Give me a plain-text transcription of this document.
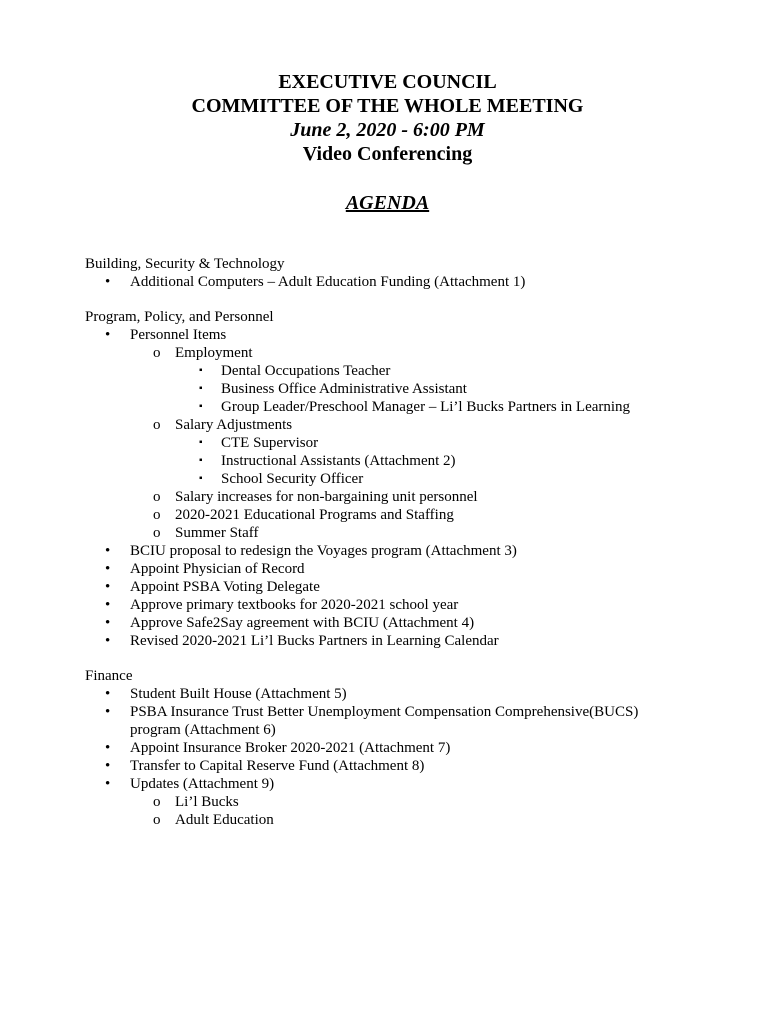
EXECUTIVE COUNCIL
COMMITTEE OF THE WHOLE MEETING
June 2, 2020 - 6:00 PM
Video Conferencing
AGENDA
Building, Security & Technology
• Additional Computers – Adult Education Funding (Attachment 1)
Program, Policy, and Personnel
• Personnel Items
o Employment
▪ Dental Occupations Teacher
▪ Business Office Administrative Assistant
▪ Group Leader/Preschool Manager – Li’l Bucks Partners in Learning
o Salary Adjustments
▪ CTE Supervisor
▪ Instructional Assistants (Attachment 2)
▪ School Security Officer
o Salary increases for non-bargaining unit personnel
o 2020-2021 Educational Programs and Staffing
o Summer Staff
• BCIU proposal to redesign the Voyages program (Attachment 3)
• Appoint Physician of Record
• Appoint PSBA Voting Delegate
• Approve primary textbooks for 2020-2021 school year
• Approve Safe2Say agreement with BCIU (Attachment 4)
• Revised 2020-2021 Li’l Bucks Partners in Learning Calendar
Finance
• Student Built House (Attachment 5)
• PSBA Insurance Trust Better Unemployment Compensation Comprehensive(BUCS)
program (Attachment 6)
• Appoint Insurance Broker 2020-2021 (Attachment 7)
• Transfer to Capital Reserve Fund (Attachment 8)
• Updates (Attachment 9)
o Li’l Bucks
o Adult Education
